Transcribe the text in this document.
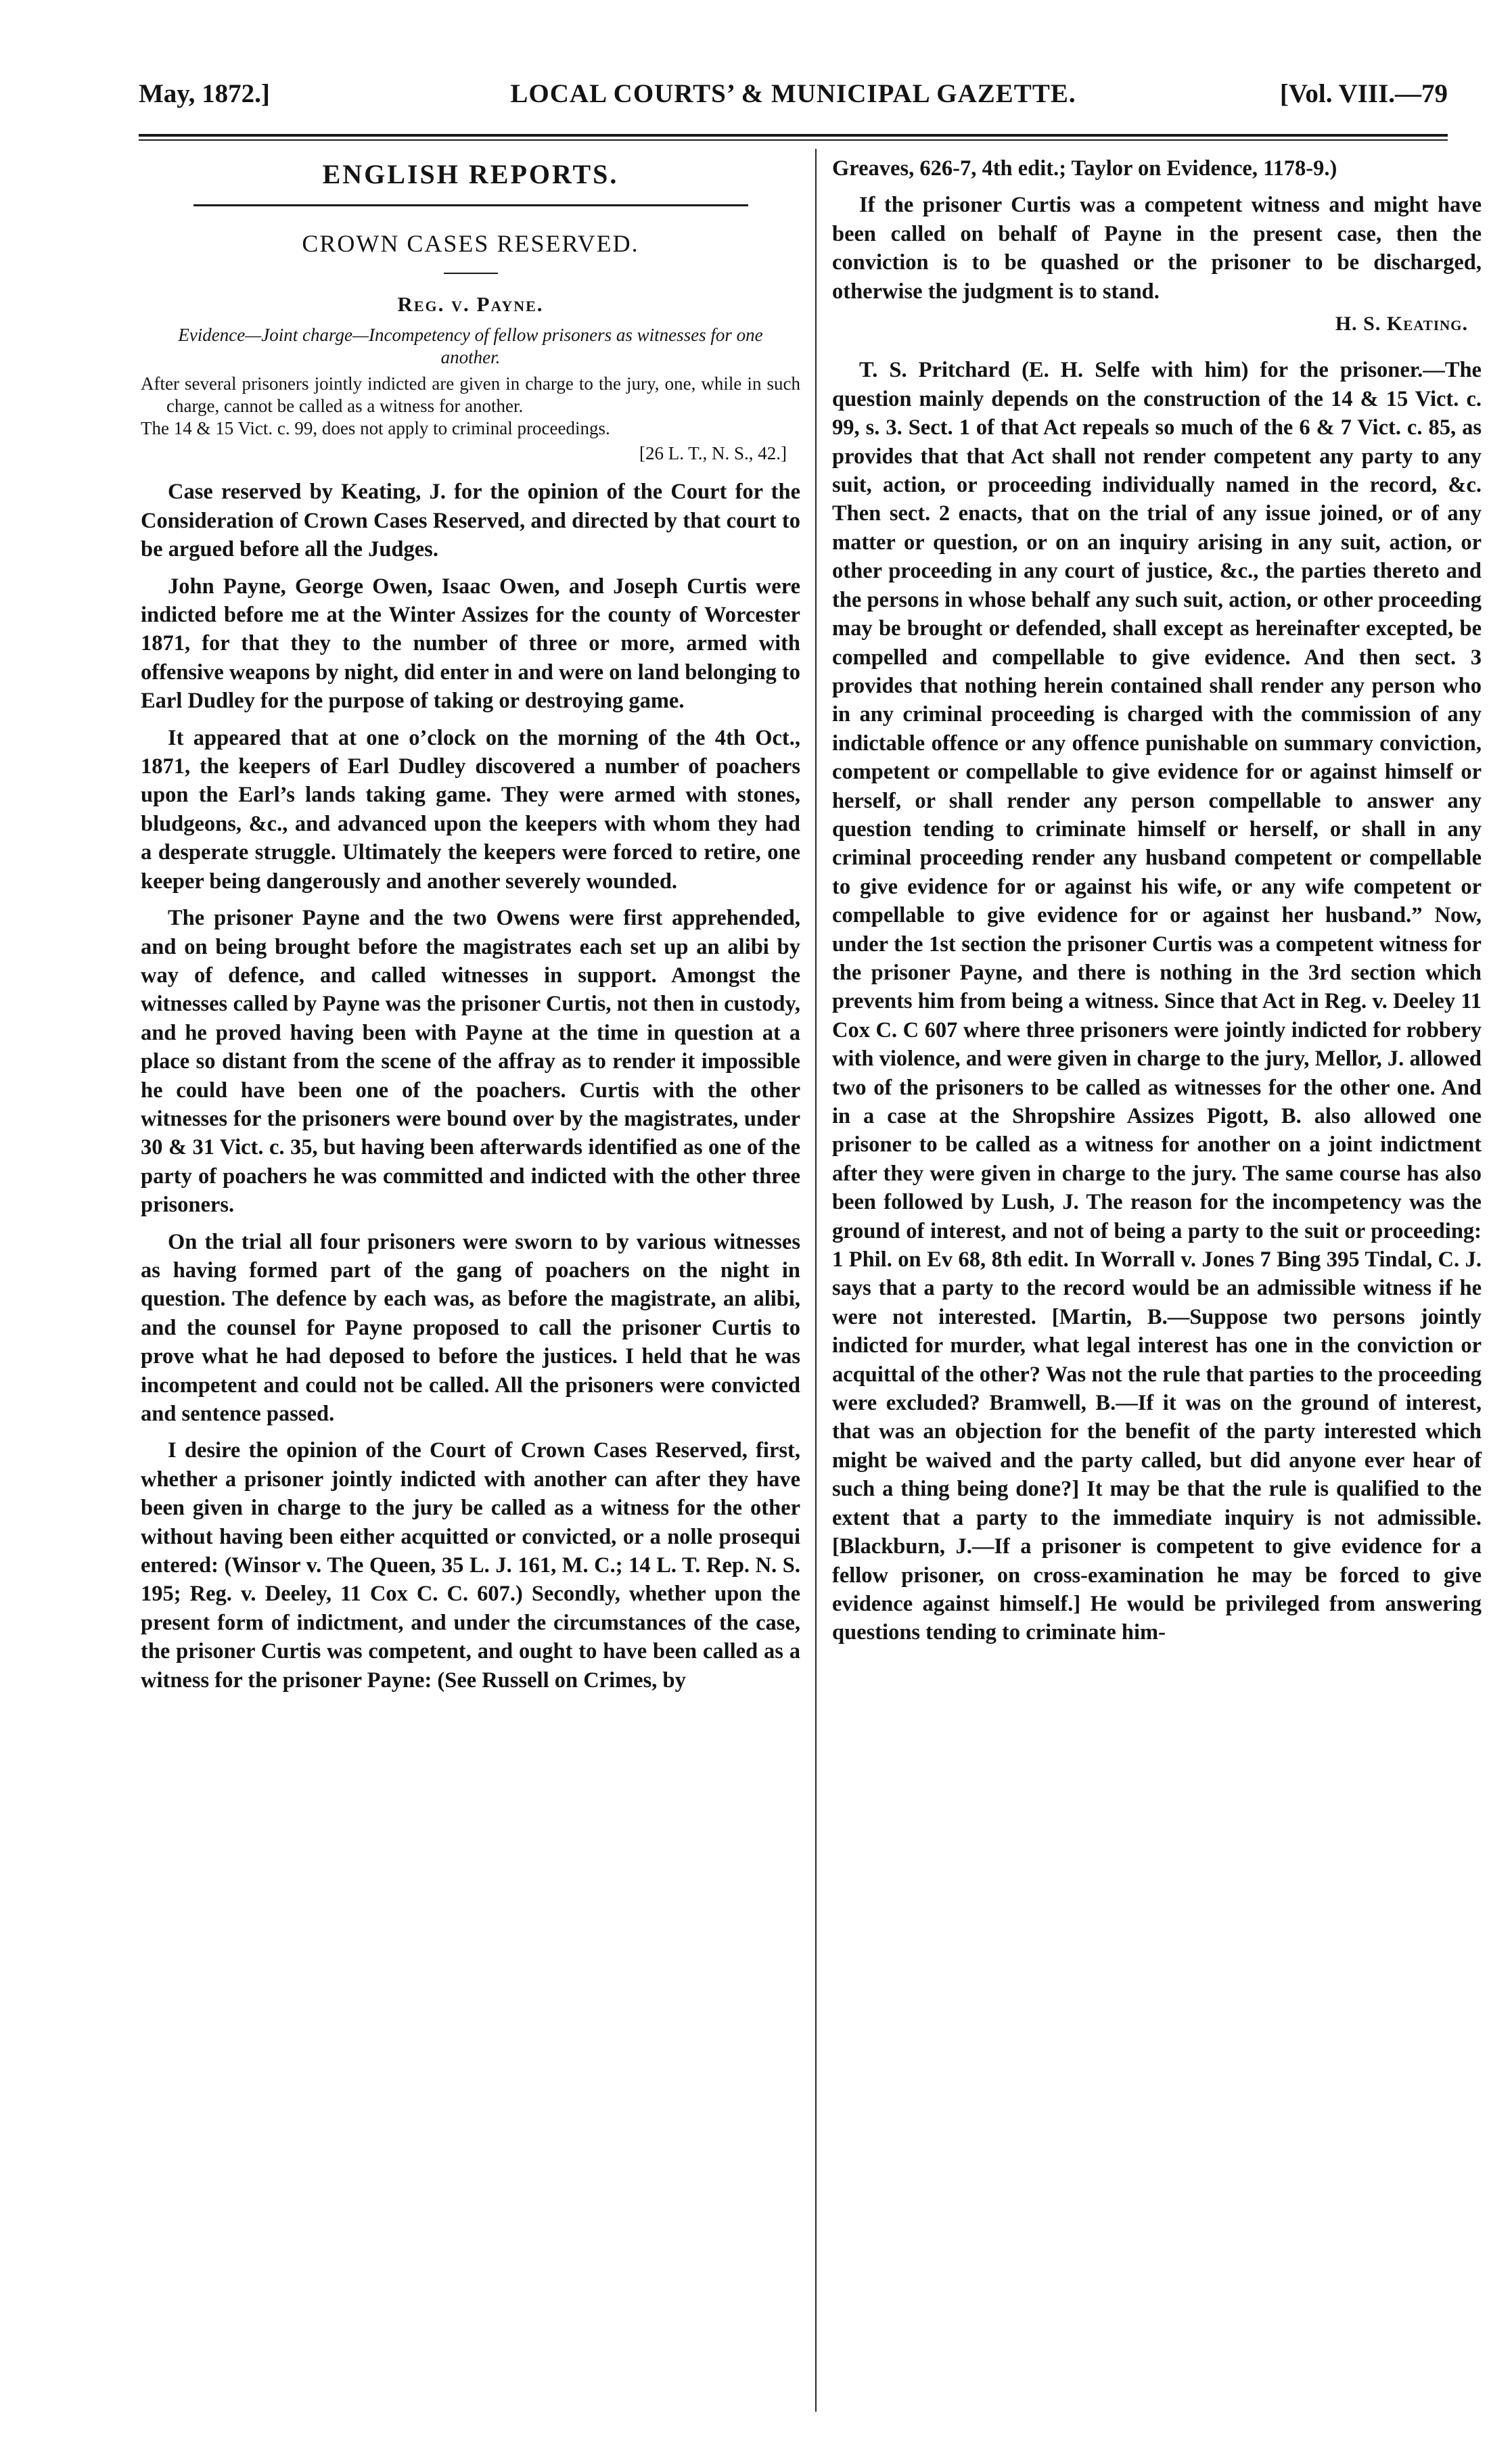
May, 1872.]	LOCAL COURTS’ & MUNICIPAL GAZETTE.	[Vol. VIII.—79
ENGLISH REPORTS.
CROWN CASES RESERVED.

Reg. v. Payne.

Evidence—Joint charge—Incompetency of fellow prisoners as witnesses for one another.

After several prisoners jointly indicted are given in charge to the jury, one, while in such charge, cannot be called as a witness for another.

The 14 & 15 Vict. c. 99, does not apply to criminal proceedings.

[26 L. T., N. S., 42.]

Case reserved by Keating, J. for the opinion of the Court for the Consideration of Crown Cases Reserved, and directed by that court to be argued before all the Judges.

John Payne, George Owen, Isaac Owen, and Joseph Curtis were indicted before me at the Winter Assizes for the county of Worcester 1871, for that they to the number of three or more, armed with offensive weapons by night, did enter in and were on land belonging to Earl Dudley for the purpose of taking or destroying game.

It appeared that at one o’clock on the morning of the 4th Oct., 1871, the keepers of Earl Dudley discovered a number of poachers upon the Earl’s lands taking game. They were armed with stones, bludgeons, &c., and advanced upon the keepers with whom they had a desperate struggle. Ultimately the keepers were forced to retire, one keeper being dangerously and another severely wounded.

The prisoner Payne and the two Owens were first apprehended, and on being brought before the magistrates each set up an alibi by way of defence, and called witnesses in support. Amongst the witnesses called by Payne was the prisoner Curtis, not then in custody, and he proved having been with Payne at the time in question at a place so distant from the scene of the affray as to render it impossible he could have been one of the poachers. Curtis with the other witnesses for the prisoners were bound over by the magistrates, under 30 & 31 Vict. c. 35, but having been afterwards identified as one of the party of poachers he was committed and indicted with the other three prisoners.

On the trial all four prisoners were sworn to by various witnesses as having formed part of the gang of poachers on the night in question. The defence by each was, as before the magistrate, an alibi, and the counsel for Payne proposed to call the prisoner Curtis to prove what he had deposed to before the justices. I held that he was incompetent and could not be called. All the prisoners were convicted and sentence passed.

I desire the opinion of the Court of Crown Cases Reserved, first, whether a prisoner jointly indicted with another can after they have been given in charge to the jury be called as a witness for the other without having been either acquitted or convicted, or a nolle prosequi entered: (Winsor v. The Queen, 35 L. J. 161, M. C.; 14 L. T. Rep. N. S. 195; Reg. v. Deeley, 11 Cox C. C. 607.) Secondly, whether upon the present form of indictment, and under the circumstances of the case, the prisoner Curtis was competent, and ought to have been called as a witness for the prisoner Payne: (See Russell on Crimes, by

Greaves, 626-7, 4th edit.; Taylor on Evidence, 1178-9.)

If the prisoner Curtis was a competent witness and might have been called on behalf of Payne in the present case, then the conviction is to be quashed or the prisoner to be discharged, otherwise the judgment is to stand.

H. S. Keating.

T. S. Pritchard (E. H. Selfe with him) for the prisoner.—The question mainly depends on the construction of the 14 & 15 Vict. c. 99, s. 3. Sect. 1 of that Act repeals so much of the 6 & 7 Vict. c. 85, as provides that that Act shall not render competent any party to any suit, action, or proceeding individually named in the record, &c. Then sect. 2 enacts, that on the trial of any issue joined, or of any matter or question, or on an inquiry arising in any suit, action, or other proceeding in any court of justice, &c., the parties thereto and the persons in whose behalf any such suit, action, or other proceeding may be brought or defended, shall except as hereinafter excepted, be compelled and compellable to give evidence. And then sect. 3 provides that nothing herein contained shall render any person who in any criminal proceeding is charged with the commission of any indictable offence or any offence punishable on summary conviction, competent or compellable to give evidence for or against himself or herself, or shall render any person compellable to answer any question tending to criminate himself or herself, or shall in any criminal proceeding render any husband competent or compellable to give evidence for or against his wife, or any wife competent or compellable to give evidence for or against her husband.” Now, under the 1st section the prisoner Curtis was a competent witness for the prisoner Payne, and there is nothing in the 3rd section which prevents him from being a witness. Since that Act in Reg. v. Deeley 11 Cox C. C 607 where three prisoners were jointly indicted for robbery with violence, and were given in charge to the jury, Mellor, J. allowed two of the prisoners to be called as witnesses for the other one. And in a case at the Shropshire Assizes Pigott, B. also allowed one prisoner to be called as a witness for another on a joint indictment after they were given in charge to the jury. The same course has also been followed by Lush, J. The reason for the incompetency was the ground of interest, and not of being a party to the suit or proceeding: 1 Phil. on Ev 68, 8th edit. In Worrall v. Jones 7 Bing 395 Tindal, C. J. says that a party to the record would be an admissible witness if he were not interested. [Martin, B.—Suppose two persons jointly indicted for murder, what legal interest has one in the conviction or acquittal of the other? Was not the rule that parties to the proceeding were excluded? Bramwell, B.—If it was on the ground of interest, that was an objection for the benefit of the party interested which might be waived and the party called, but did anyone ever hear of such a thing being done?] It may be that the rule is qualified to the extent that a party to the immediate inquiry is not admissible. [Blackburn, J.—If a prisoner is competent to give evidence for a fellow prisoner, on cross-examination he may be forced to give evidence against himself.] He would be privileged from answering questions tending to criminate him-
